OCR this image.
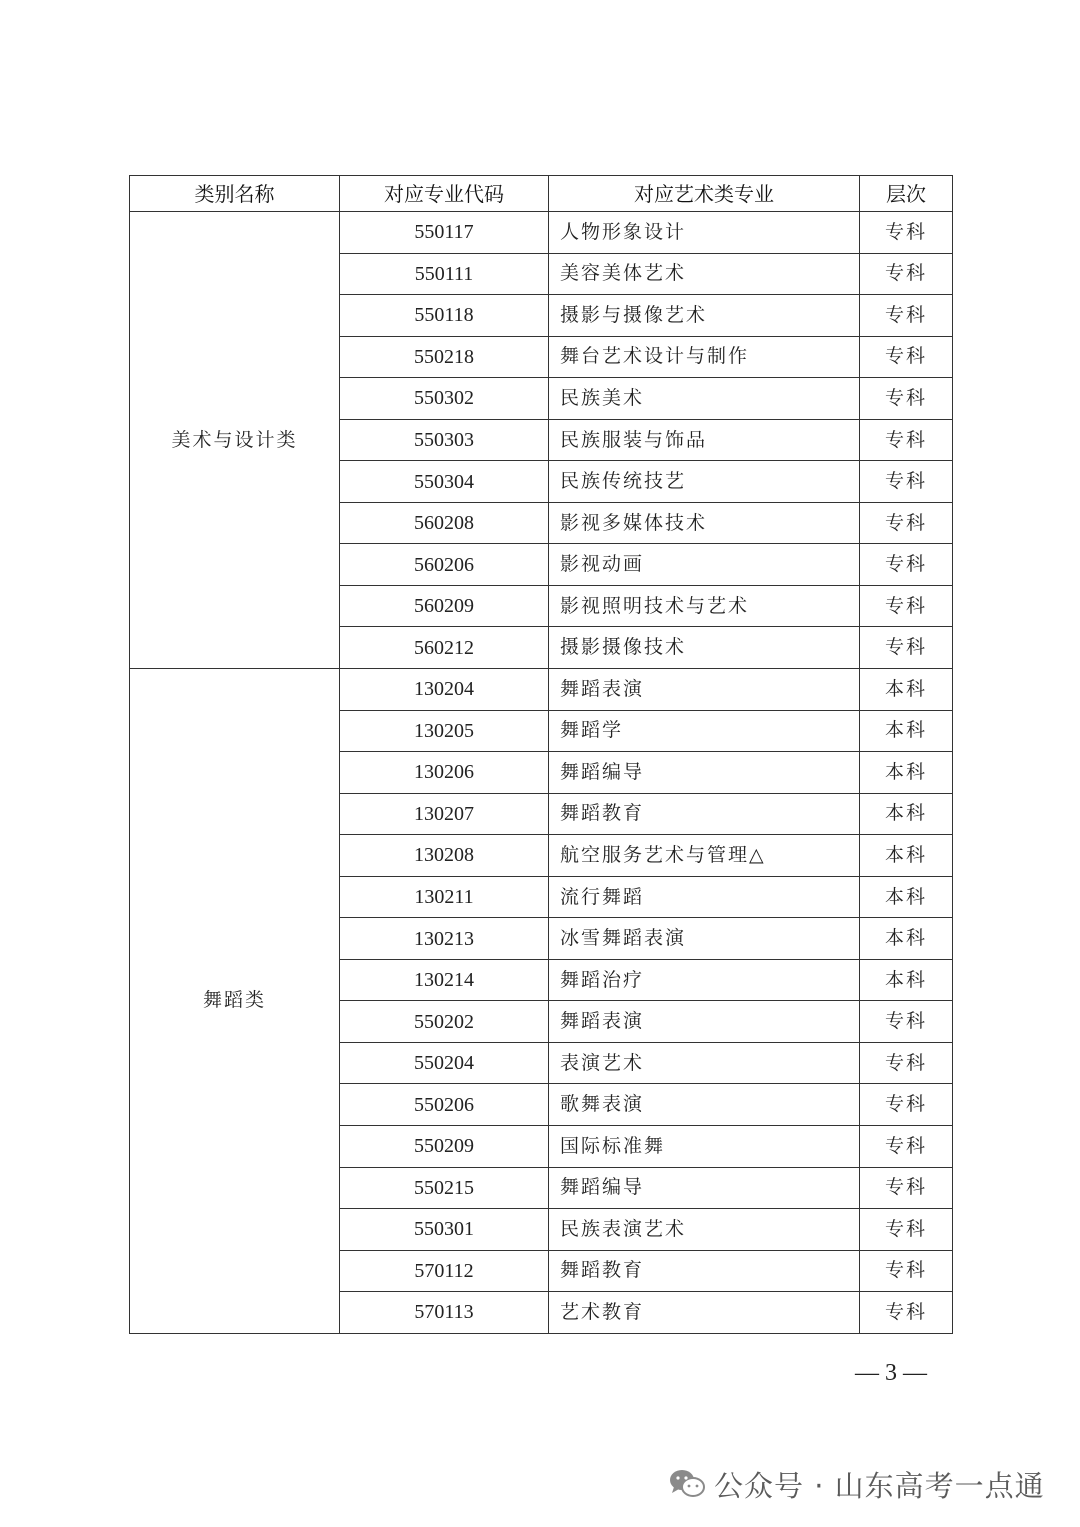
类别名称	对应专业代码	对应艺术类专业	层次
美术与设计类	550117	人物形象设计	专科
	550111	美容美体艺术	专科
	550118	摄影与摄像艺术	专科
	550218	舞台艺术设计与制作	专科
	550302	民族美术	专科
	550303	民族服装与饰品	专科
	550304	民族传统技艺	专科
	560208	影视多媒体技术	专科
	560206	影视动画	专科
	560209	影视照明技术与艺术	专科
	560212	摄影摄像技术	专科
舞蹈类	130204	舞蹈表演	本科
	130205	舞蹈学	本科
	130206	舞蹈编导	本科
	130207	舞蹈教育	本科
	130208	航空服务艺术与管理△	本科
	130211	流行舞蹈	本科
	130213	冰雪舞蹈表演	本科
	130214	舞蹈治疗	本科
	550202	舞蹈表演	专科
	550204	表演艺术	专科
	550206	歌舞表演	专科
	550209	国际标准舞	专科
	550215	舞蹈编导	专科
	550301	民族表演艺术	专科
	570112	舞蹈教育	专科
	570113	艺术教育	专科
— 3 —
公众号 · 山东高考一点通
